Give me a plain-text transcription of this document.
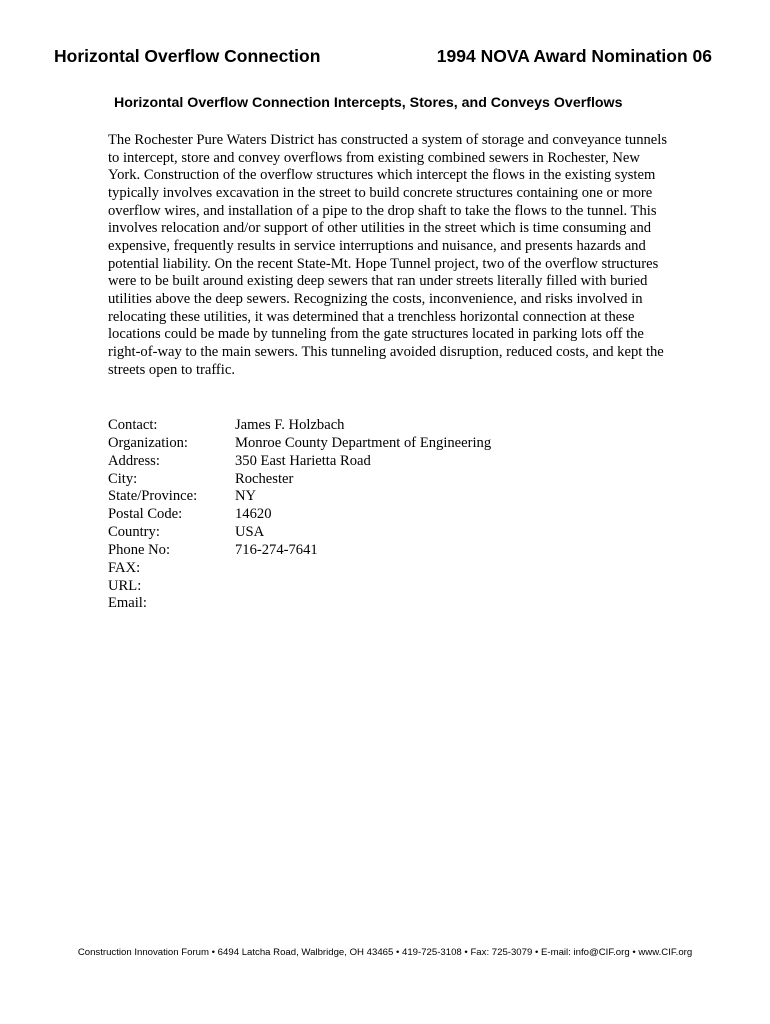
Horizontal Overflow Connection	1994 NOVA Award Nomination 06
Horizontal Overflow Connection Intercepts, Stores, and Conveys Overflows

The Rochester Pure Waters District has constructed a system of storage and conveyance tunnels to intercept, store and convey overflows from existing combined sewers in Rochester, New York. Construction of the overflow structures which intercept the flows in the existing system typically involves excavation in the street to build concrete structures containing one or more overflow wires, and installation of a pipe to the drop shaft to take the flows to the tunnel. This involves relocation and/or support of other utilities in the street which is time consuming and expensive, frequently results in service interruptions and nuisance, and presents hazards and potential liability. On the recent State-Mt. Hope Tunnel project, two of the overflow structures were to be built around existing deep sewers that ran under streets literally filled with buried utilities above the deep sewers. Recognizing the costs, inconvenience, and risks involved in relocating these utilities, it was determined that a trenchless horizontal connection at these locations could be made by tunneling from the gate structures located in parking lots off the right-of-way to the main sewers. This tunneling avoided disruption, reduced costs, and kept the streets open to traffic.

Contact:	James F. Holzbach
Organization:	Monroe County Department of Engineering
Address:	350 East Harietta Road
City:	Rochester
State/Province:	NY
Postal Code:	14620
Country:	USA
Phone No:	716-274-7641
FAX:
URL:
Email:
Construction Innovation Forum • 6494 Latcha Road, Walbridge, OH 43465 • 419-725-3108 • Fax: 725-3079 • E-mail: info@CIF.org • www.CIF.org
